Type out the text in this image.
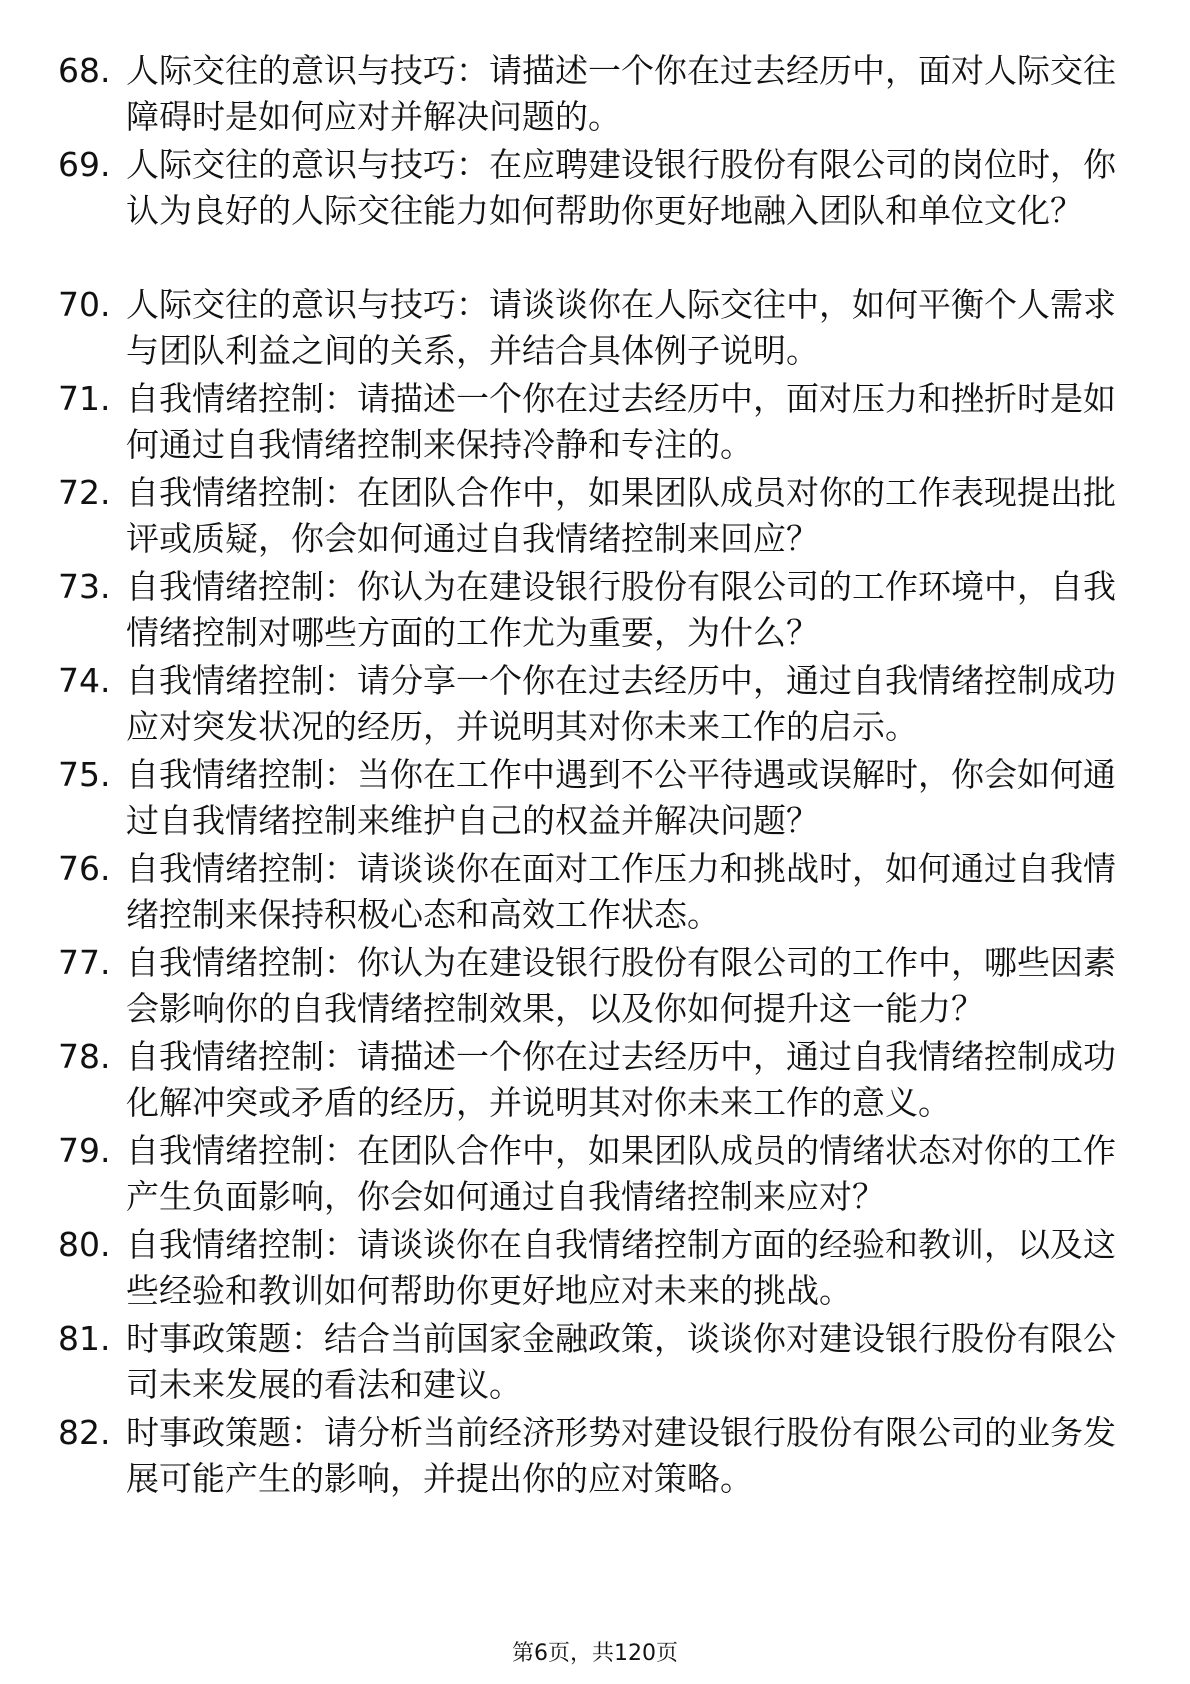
68. 人际交往的意识与技巧：请描述一个你在过去经历中，面对人际交往障碍时是如何应对并解决问题的。
69. 人际交往的意识与技巧：在应聘建设银行股份有限公司的岗位时，你认为良好的人际交往能力如何帮助你更好地融入团队和单位文化？
70. 人际交往的意识与技巧：请谈谈你在人际交往中，如何平衡个人需求与团队利益之间的关系，并结合具体例子说明。
71. 自我情绪控制：请描述一个你在过去经历中，面对压力和挫折时是如何通过自我情绪控制来保持冷静和专注的。
72. 自我情绪控制：在团队合作中，如果团队成员对你的工作表现提出批评或质疑，你会如何通过自我情绪控制来回应？
73. 自我情绪控制：你认为在建设银行股份有限公司的工作环境中，自我情绪控制对哪些方面的工作尤为重要，为什么？
74. 自我情绪控制：请分享一个你在过去经历中，通过自我情绪控制成功应对突发状况的经历，并说明其对你未来工作的启示。
75. 自我情绪控制：当你在工作中遇到不公平待遇或误解时，你会如何通过自我情绪控制来维护自己的权益并解决问题？
76. 自我情绪控制：请谈谈你在面对工作压力和挑战时，如何通过自我情绪控制来保持积极心态和高效工作状态。
77. 自我情绪控制：你认为在建设银行股份有限公司的工作中，哪些因素会影响你的自我情绪控制效果，以及你如何提升这一能力？
78. 自我情绪控制：请描述一个你在过去经历中，通过自我情绪控制成功化解冲突或矛盾的经历，并说明其对你未来工作的意义。
79. 自我情绪控制：在团队合作中，如果团队成员的情绪状态对你的工作产生负面影响，你会如何通过自我情绪控制来应对？
80. 自我情绪控制：请谈谈你在自我情绪控制方面的经验和教训，以及这些经验和教训如何帮助你更好地应对未来的挑战。
81. 时事政策题：结合当前国家金融政策，谈谈你对建设银行股份有限公司未来发展的看法和建议。
82. 时事政策题：请分析当前经济形势对建设银行股份有限公司的业务发展可能产生的影响，并提出你的应对策略。
第6页，共120页
